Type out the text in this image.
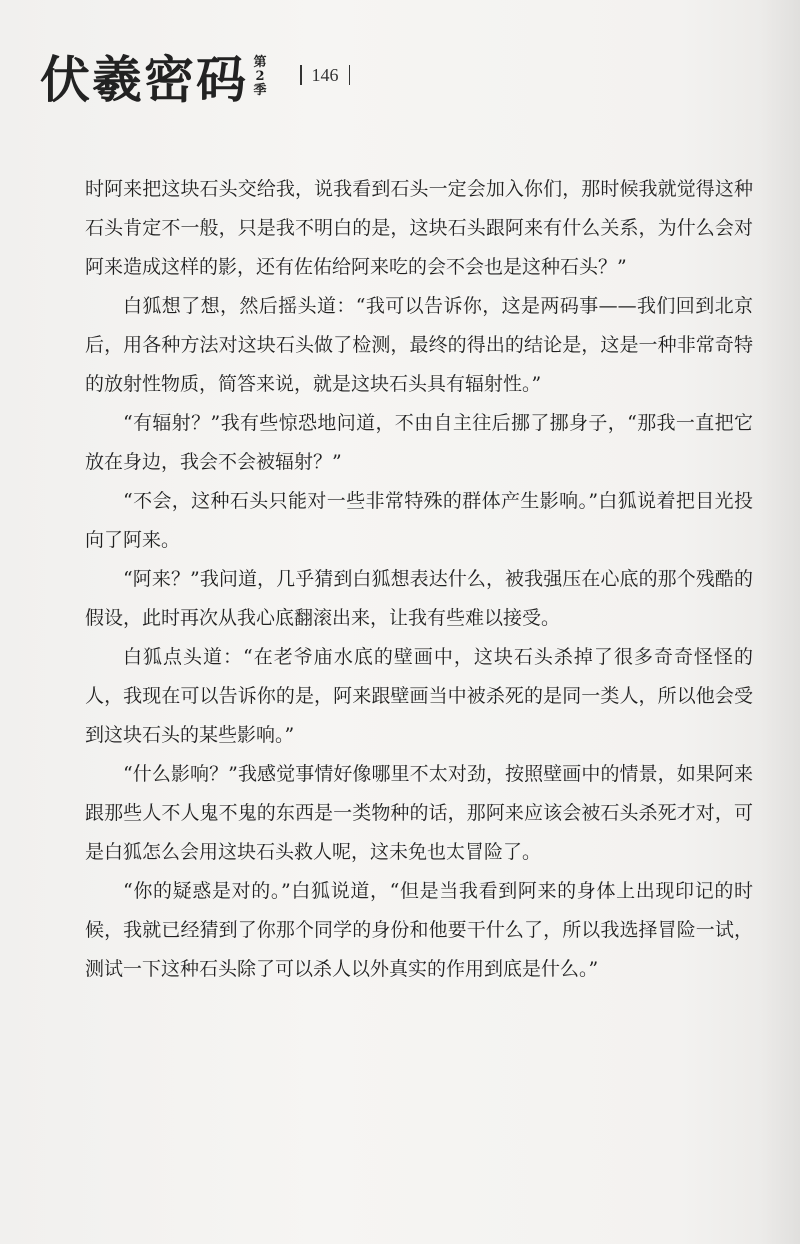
伏羲密码 第
2
季
146

时阿来把这块石头交给我，说我看到石头一定会加入你们，那时候我就觉得这种石头肯定不一般，只是我不明白的是，这块石头跟阿来有什么关系，为什么会对阿来造成这样的影，还有佐佑给阿来吃的会不会也是这种石头？”

白狐想了想，然后摇头道：“我可以告诉你，这是两码事——我们回到北京后，用各种方法对这块石头做了检测，最终的得出的结论是，这是一种非常奇特的放射性物质，简答来说，就是这块石头具有辐射性。”

“有辐射？”我有些惊恐地问道，不由自主往后挪了挪身子，“那我一直把它放在身边，我会不会被辐射？”

“不会，这种石头只能对一些非常特殊的群体产生影响。”白狐说着把目光投向了阿来。

“阿来？”我问道，几乎猜到白狐想表达什么，被我强压在心底的那个残酷的假设，此时再次从我心底翻滚出来，让我有些难以接受。

白狐点头道：“在老爷庙水底的壁画中，这块石头杀掉了很多奇奇怪怪的人，我现在可以告诉你的是，阿来跟壁画当中被杀死的是同一类人，所以他会受到这块石头的某些影响。”

“什么影响？”我感觉事情好像哪里不太对劲，按照壁画中的情景，如果阿来跟那些人不人鬼不鬼的东西是一类物种的话，那阿来应该会被石头杀死才对，可是白狐怎么会用这块石头救人呢，这未免也太冒险了。

“你的疑惑是对的。”白狐说道，“但是当我看到阿来的身体上出现印记的时候，我就已经猜到了你那个同学的身份和他要干什么了，所以我选择冒险一试，测试一下这种石头除了可以杀人以外真实的作用到底是什么。”
